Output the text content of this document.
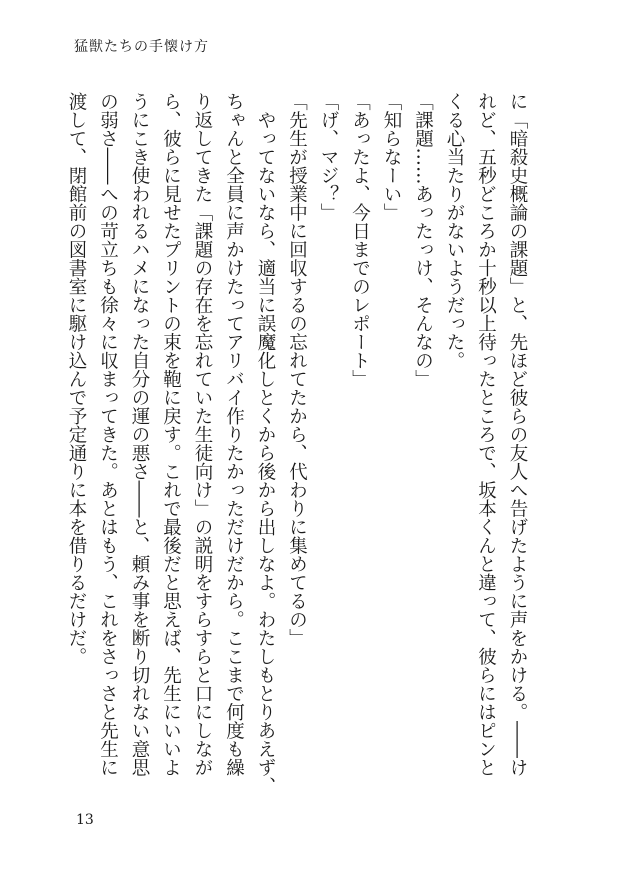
猛獣たちの手懐け方

に「暗殺史概論の課題」と、先ほど彼らの友人へ告げたように声をかける。――け

れど、五秒どころか十秒以上待ったところで、坂本くんと違って、彼らにはピンと

くる心当たりがないようだった。

「課題……あったっけ、そんなの」

「知らなーい」

「あったよ、今日までのレポート」

「げ、マジ？」

「先生が授業中に回収するの忘れてたから、代わりに集めてるの」

　やってないなら、適当に誤魔化しとくから後から出しなよ。わたしもとりあえず、

ちゃんと全員に声かけたってアリバイ作りたかっただけだから。ここまで何度も繰

り返してきた「課題の存在を忘れていた生徒向け」の説明をすらすらと口にしなが

ら、彼らに見せたプリントの束を鞄に戻す。これで最後だと思えば、先生にいいよ

うにこき使われるハメになった自分の運の悪さ――と、頼み事を断り切れない意思

の弱さ――への苛立ちも徐々に収まってきた。あとはもう、これをさっさと先生に

渡して、閉館前の図書室に駆け込んで予定通りに本を借りるだけだ。

13
